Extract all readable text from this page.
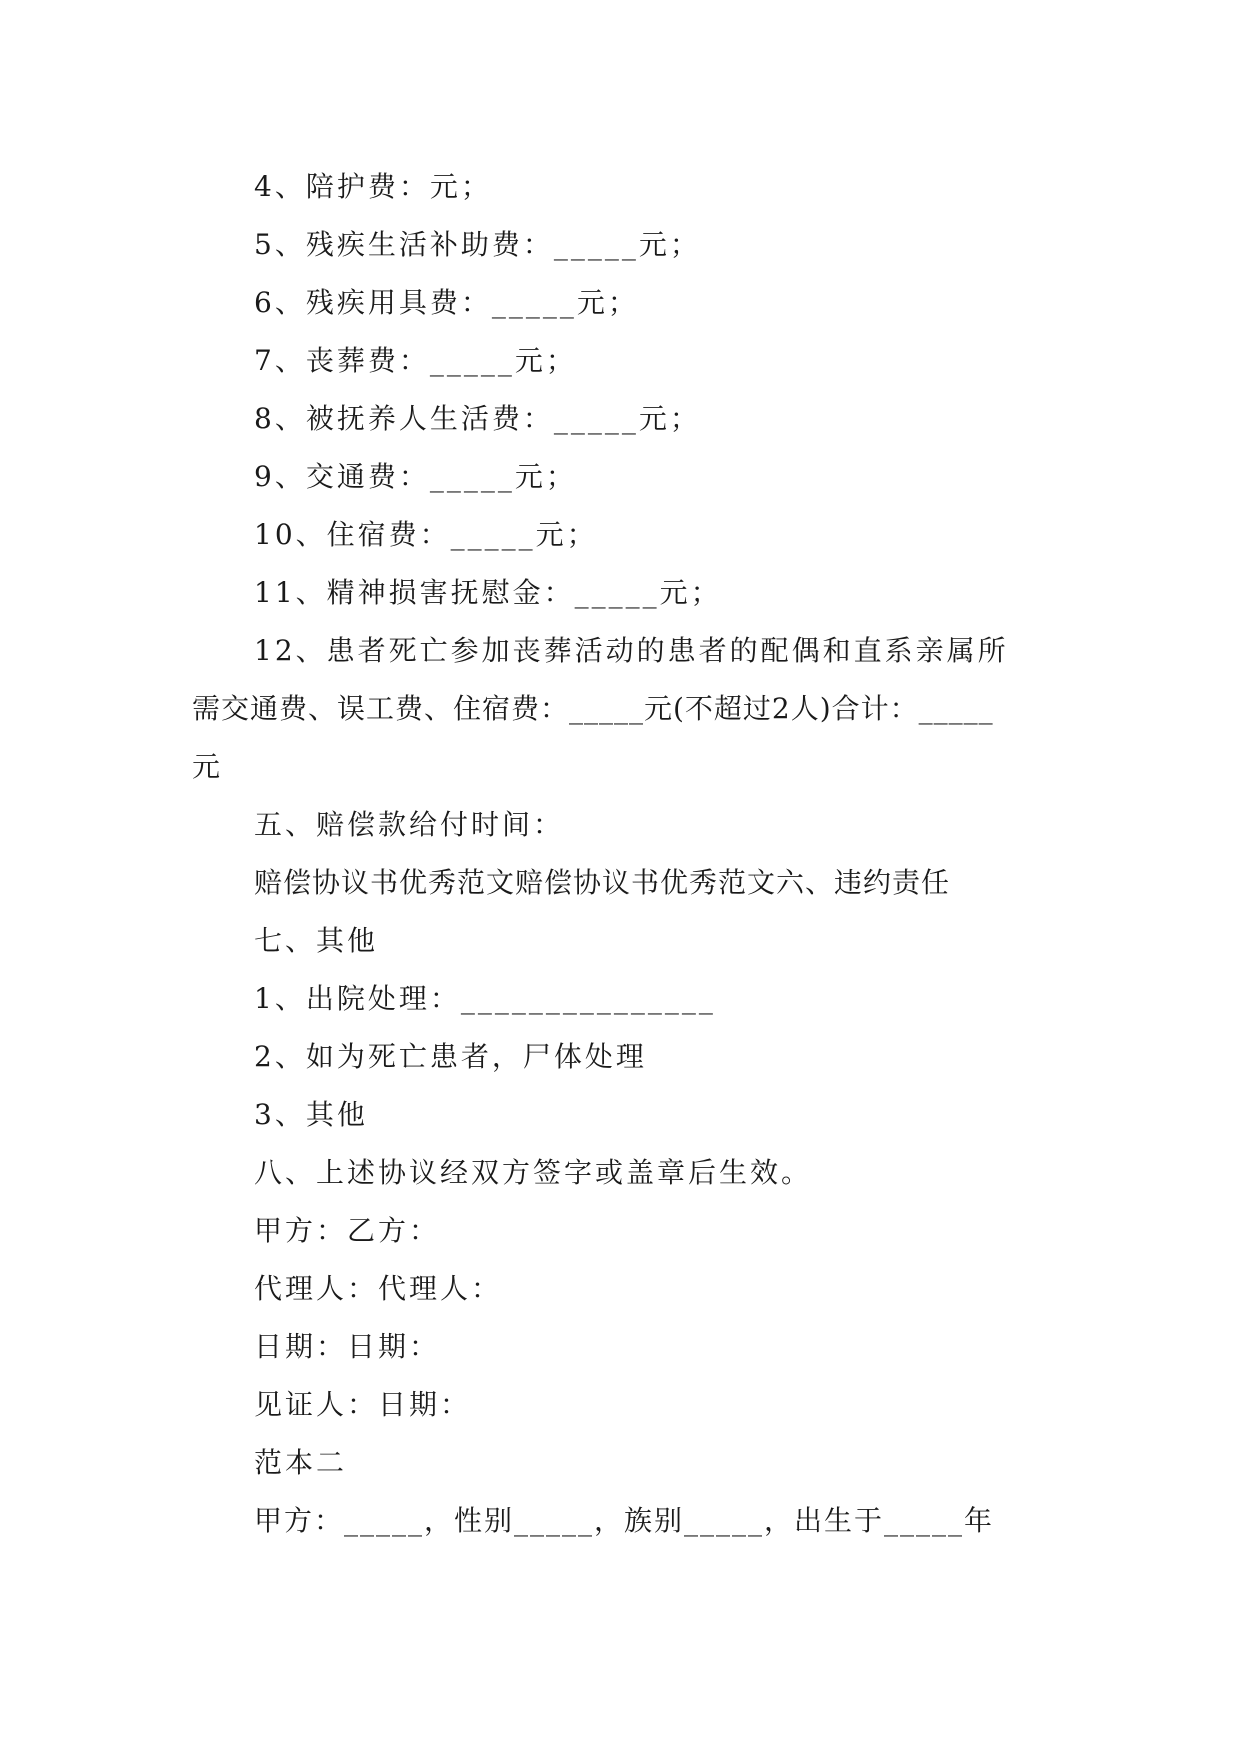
4、陪护费：元；
5、残疾生活补助费：_____元；
6、残疾用具费：_____元；
7、丧葬费：_____元；
8、被抚养人生活费：_____元；
9、交通费：_____元；
10、住宿费：_____元；
11、精神损害抚慰金：_____元；
12、患者死亡参加丧葬活动的患者的配偶和直系亲属所
需交通费、误工费、住宿费：_____元(不超过2人)合计：_____
元
五、赔偿款给付时间：
赔偿协议书优秀范文赔偿协议书优秀范文六、违约责任
七、其他
1、出院处理：_______________
2、如为死亡患者，尸体处理
3、其他
八、上述协议经双方签字或盖章后生效。
甲方：乙方：
代理人：代理人：
日期：日期：
见证人：日期：
范本二
甲方：_____，性别_____，族别_____，出生于_____年
